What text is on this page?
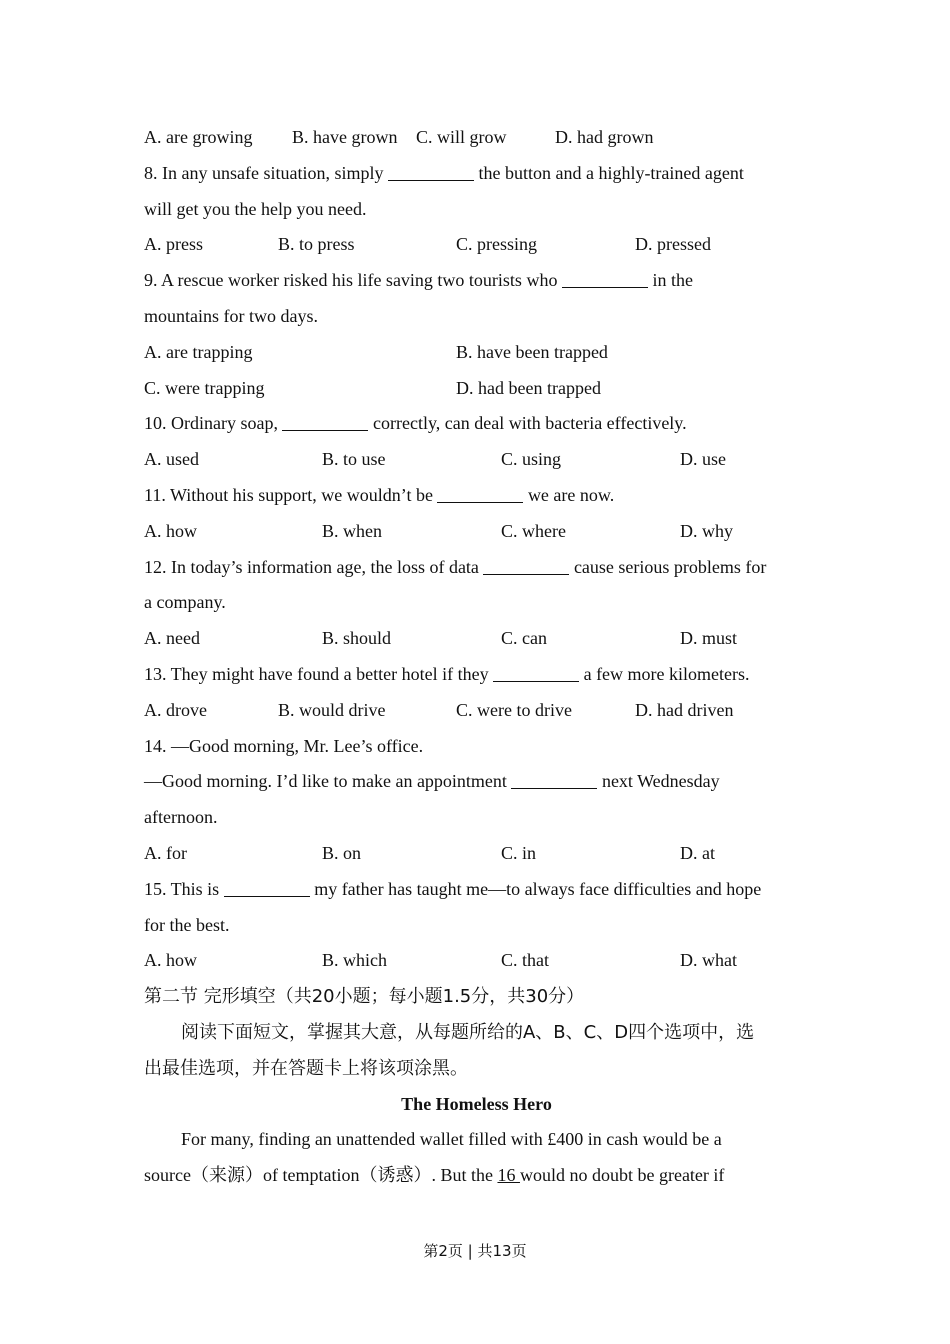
A. are growing B. have grown C. will grow	D. had grown
8. In any unsafe situation, simply	the button and a highly-trained agent
will get you the help you need.
A. press	B. to press	C. pressing	D. pressed
9. A rescue worker risked his life saving two tourists who	in the
mountains for two days.
A. are trapping	B. have been trapped
C. were trapping	D. had been trapped
10. Ordinary soap,	correctly, can deal with bacteria effectively.
A. used	B. to use	C. using	D. use
11. Without his support, we wouldn’t be	we are now.
A. how	B. when	C. where	D. why
12. In today’s information age, the loss of data	cause serious problems for
a company.
A. need	B. should	C. can	D. must
13. They might have found a better hotel if they	a few more kilometers.
A. drove	B. would drive	C. were to drive	D. had driven
14. —Good morning, Mr. Lee’s office.
—Good morning. I’d like to make an appointment	next Wednesday
afternoon.
A. for	B. on	C. in	D. at
15. This is	my father has taught me—to always face difficulties and hope
for the best.
A. how	B. which	C. that	D. what
第二节 完形填空（共20小题；每小题1.5分，共30分）
阅读下面短文，掌握其大意，从每题所给的A、B、C、D四个选项中，选
出最佳选项，并在答题卡上将该项涂黑。
The Homeless Hero
For many, finding an unattended wallet filled with £400 in cash would be a
source（来源）of temptation（诱惑）. But the 16 would no doubt be greater if
第2页 | 共13页
